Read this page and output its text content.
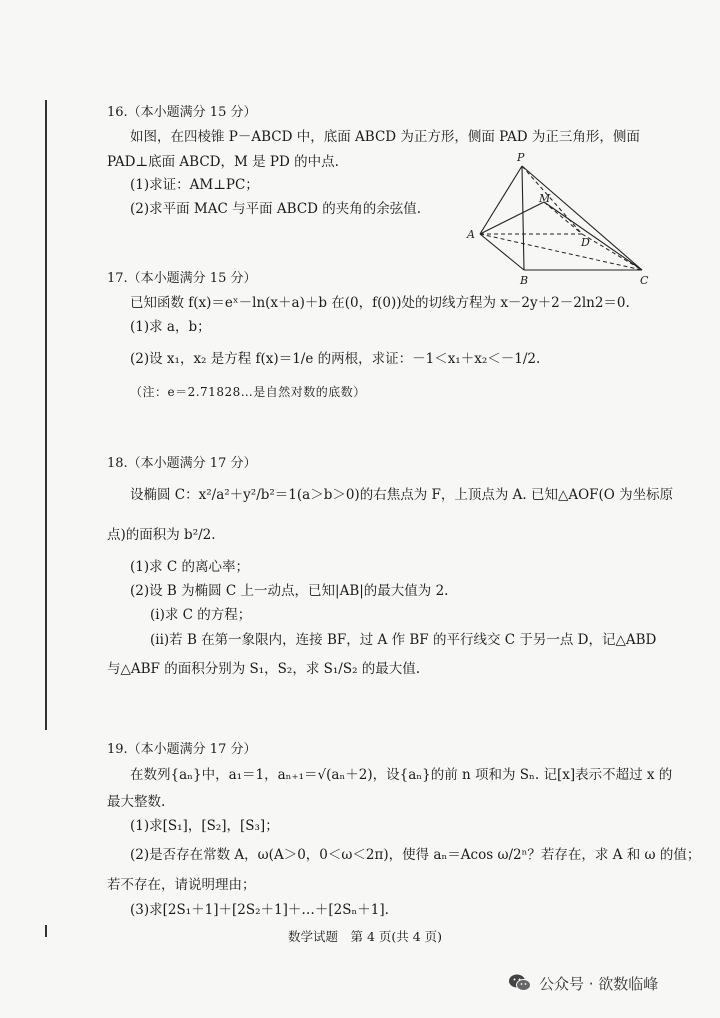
16.（本小题满分 15 分）
如图，在四棱锥 P－ABCD 中，底面 ABCD 为正方形，侧面 PAD 为正三角形，侧面
PAD⊥底面 ABCD，M 是 PD 的中点.
(1)求证：AM⊥PC；
(2)求平面 MAC 与平面 ABCD 的夹角的余弦值.
P
M
A
D
B	C
17.（本小题满分 15 分）
已知函数 f(x)＝eˣ－ln(x＋a)＋b 在(0，f(0))处的切线方程为 x－2y＋2－2ln2＝0.
(1)求 a，b；
(2)设 x₁，x₂ 是方程 f(x)＝1/e 的两根，求证：－1＜x₁＋x₂＜－1/2.
（注：e＝2.71828…是自然对数的底数）
18.（本小题满分 17 分）
设椭圆 C：x²/a²＋y²/b²＝1(a＞b＞0)的右焦点为 F，上顶点为 A. 已知△AOF(O 为坐标原
点)的面积为 b²/2.
(1)求 C 的离心率；
(2)设 B 为椭圆 C 上一动点，已知|AB|的最大值为 2.
(i)求 C 的方程；
(ii)若 B 在第一象限内，连接 BF，过 A 作 BF 的平行线交 C 于另一点 D，记△ABD
与△ABF 的面积分别为 S₁，S₂，求 S₁/S₂ 的最大值.
19.（本小题满分 17 分）
在数列{aₙ}中，a₁＝1，aₙ₊₁＝√(aₙ＋2)，设{aₙ}的前 n 项和为 Sₙ. 记[x]表示不超过 x 的
最大整数.
(1)求[S₁]，[S₂]，[S₃]；
(2)是否存在常数 A，ω(A＞0，0＜ω＜2π)，使得 aₙ＝Acos ω/2ⁿ？若存在，求 A 和 ω 的值；
若不存在，请说明理由；
(3)求[2S₁＋1]＋[2S₂＋1]＋…＋[2Sₙ＋1].
数学试题　第 4 页(共 4 页)
公众号 · 欲数临峰
